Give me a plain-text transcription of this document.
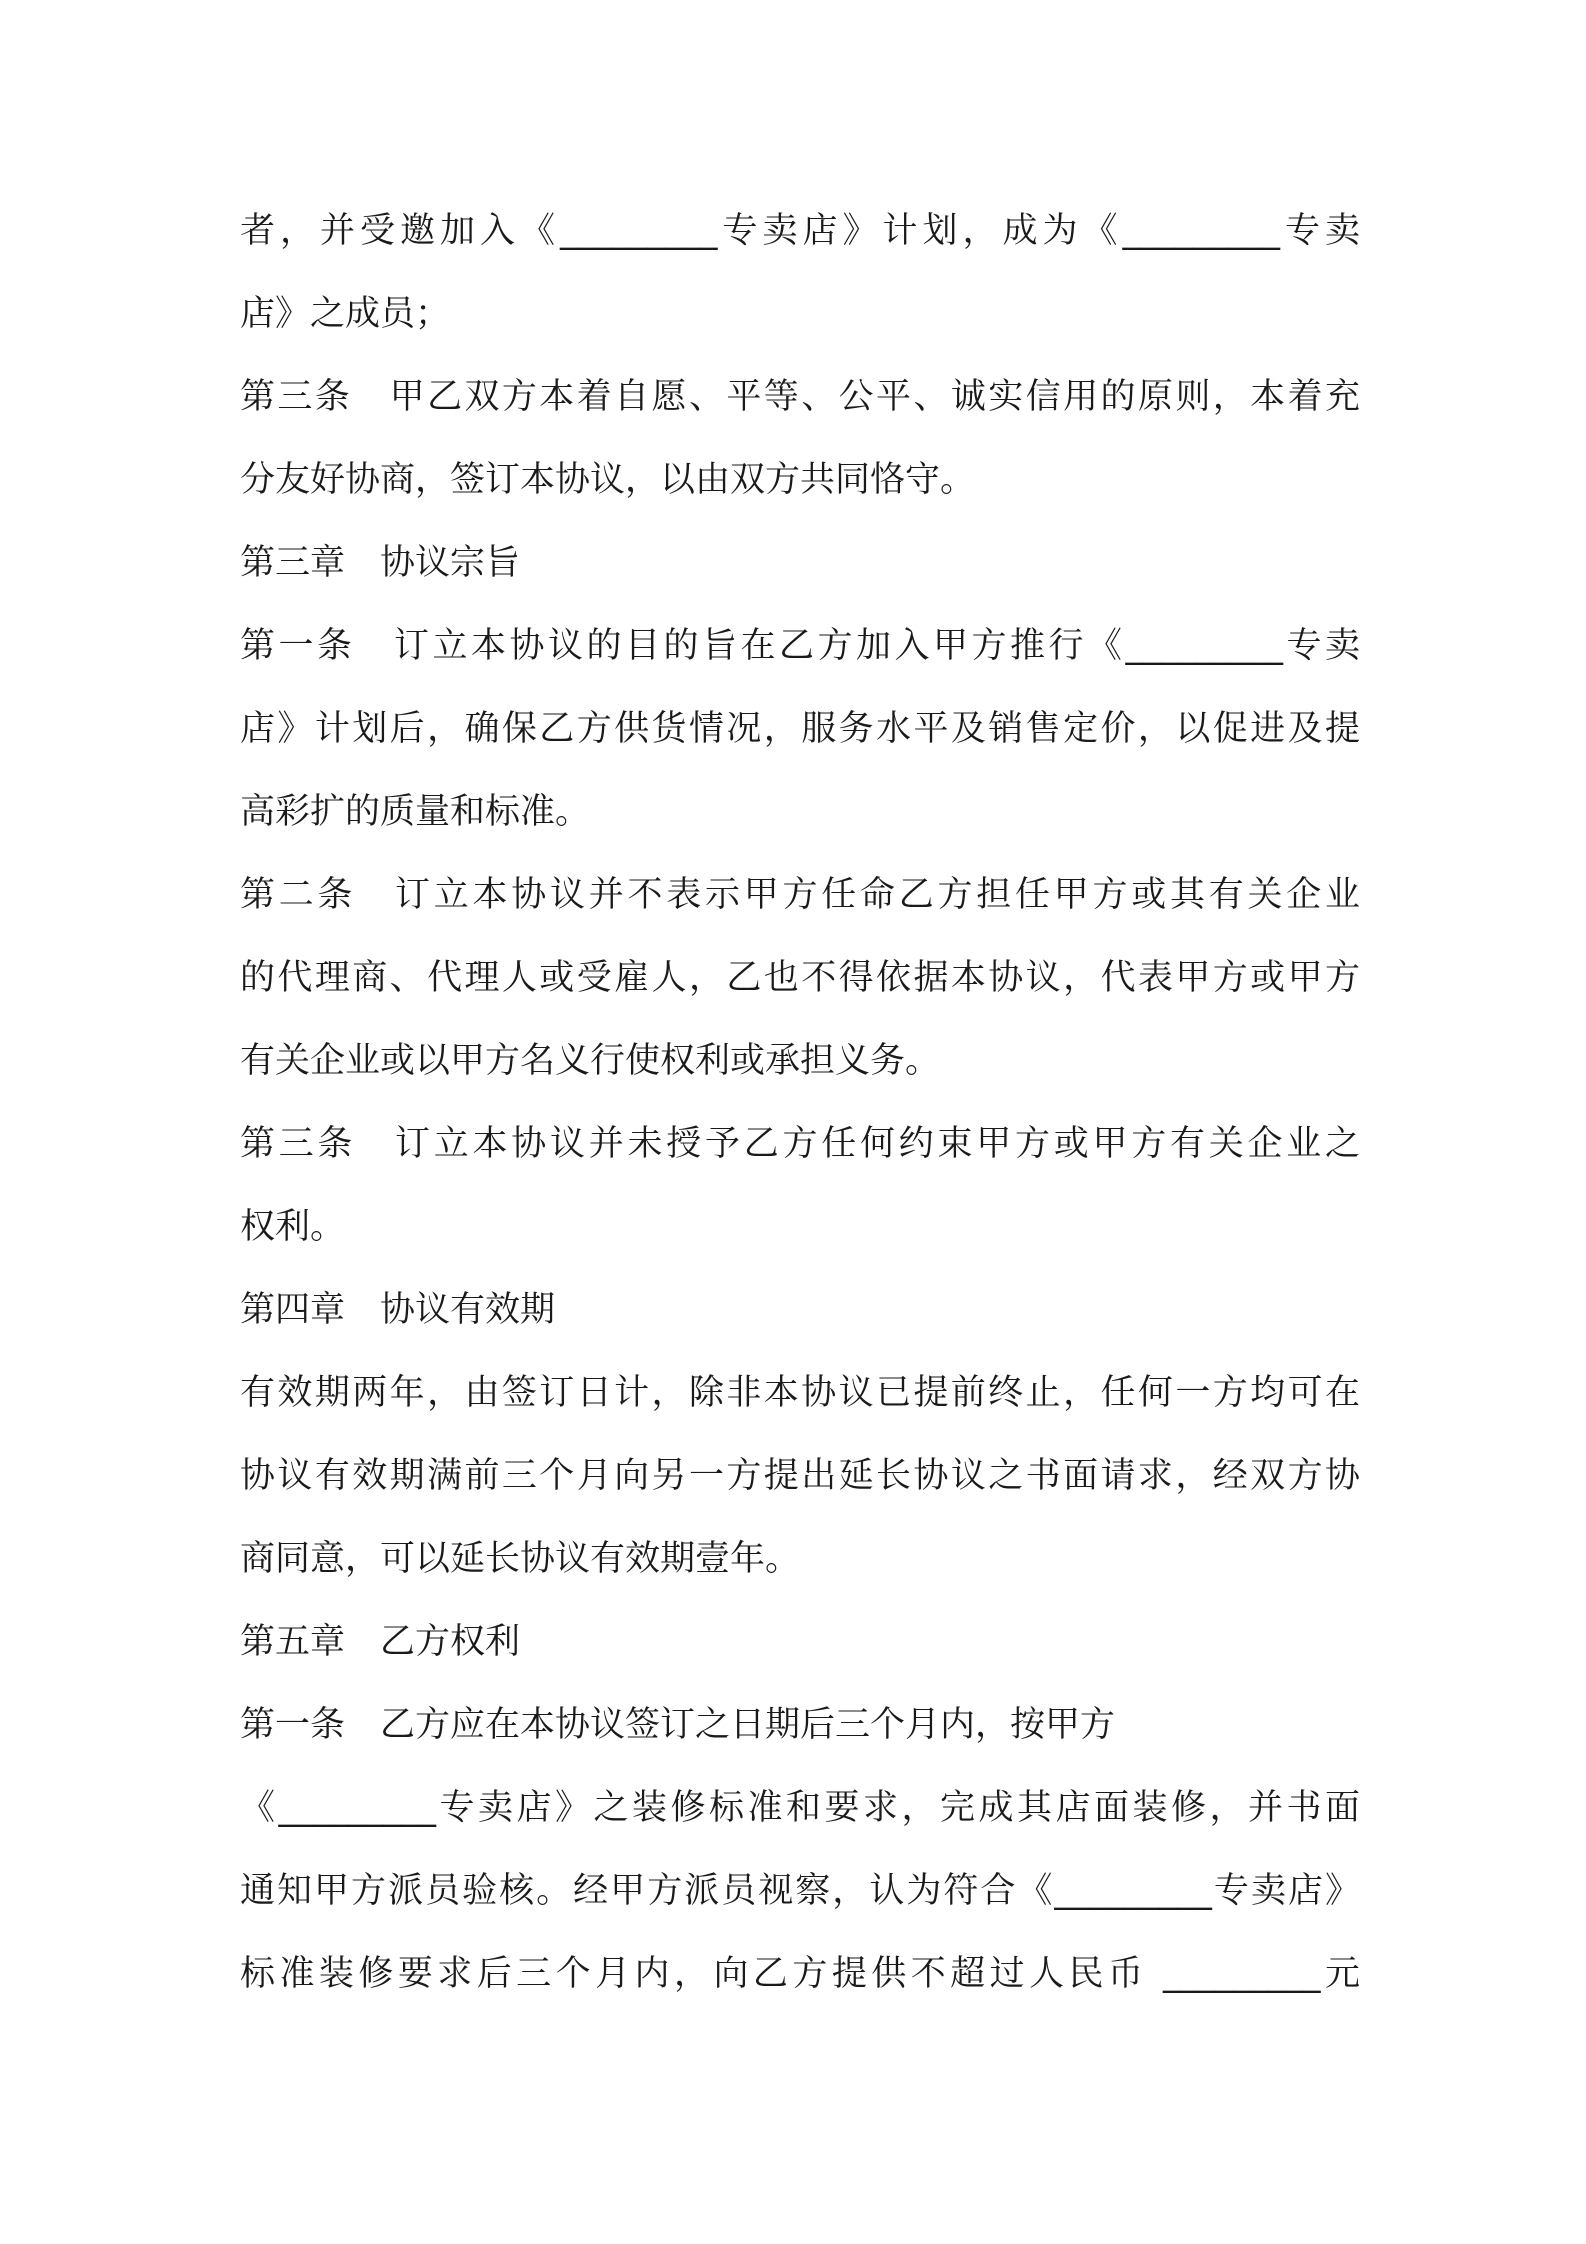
者，并受邀加入《_________专卖店》计划，成为《_________专卖
店》之成员；
第三条　甲乙双方本着自愿、平等、公平、诚实信用的原则，本着充
分友好协商，签订本协议，以由双方共同恪守。
第三章　协议宗旨
第一条　订立本协议的目的旨在乙方加入甲方推行《_________专卖
店》计划后，确保乙方供货情况，服务水平及销售定价，以促进及提
高彩扩的质量和标准。
第二条　订立本协议并不表示甲方任命乙方担任甲方或其有关企业
的代理商、代理人或受雇人，乙也不得依据本协议，代表甲方或甲方
有关企业或以甲方名义行使权利或承担义务。
第三条　订立本协议并未授予乙方任何约束甲方或甲方有关企业之
权利。
第四章　协议有效期
有效期两年，由签订日计，除非本协议已提前终止，任何一方均可在
协议有效期满前三个月向另一方提出延长协议之书面请求，经双方协
商同意，可以延长协议有效期壹年。
第五章　乙方权利
第一条　乙方应在本协议签订之日期后三个月内，按甲方
《_________专卖店》之装修标准和要求，完成其店面装修，并书面
通知甲方派员验核。经甲方派员视察，认为符合《_________专卖店》
标准装修要求后三个月内，向乙方提供不超过人民币 _________元
